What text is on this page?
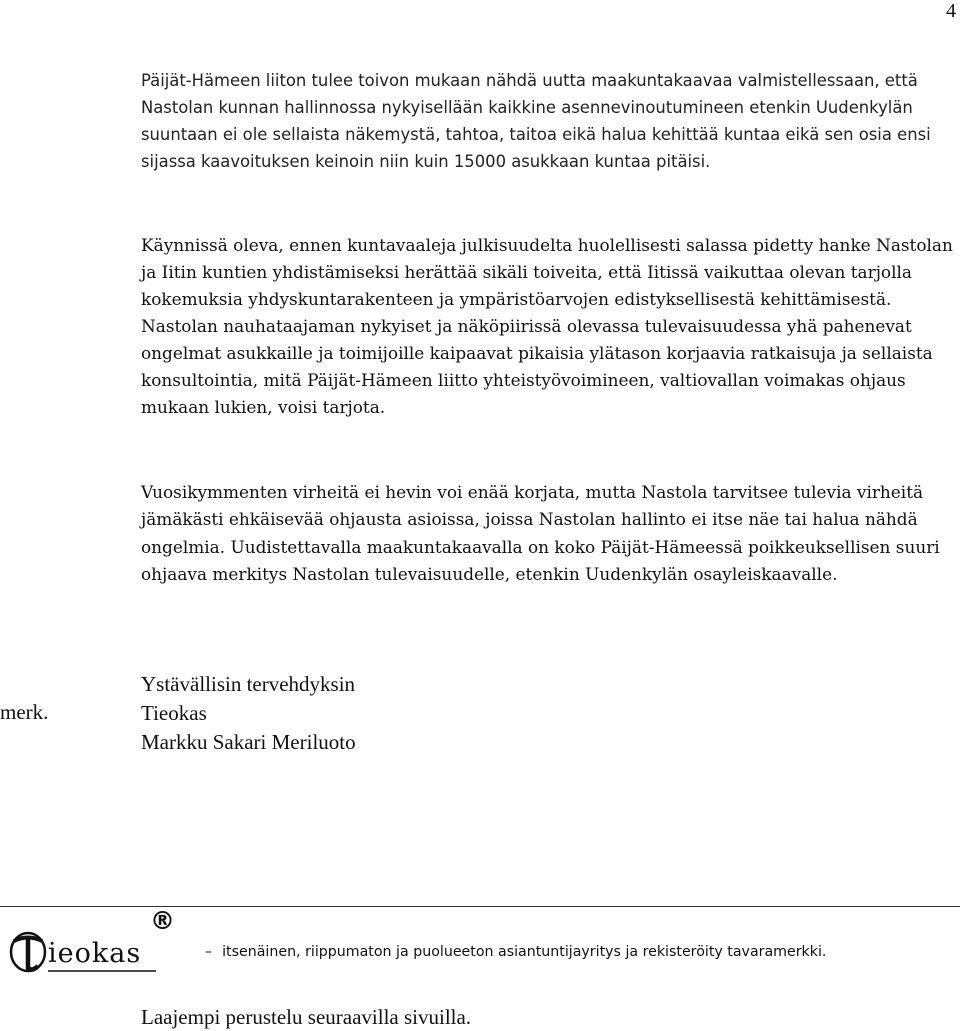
4

Päijät-Hämeen liiton tulee toivon mukaan nähdä uutta maakuntakaavaa valmistellessaan, että Nastolan kunnan hallinnossa nykyisellään kaikkine asennevinoutumineen etenkin Uudenkylän suuntaan ei ole sellaista näkemystä, tahtoa, taitoa eikä halua kehittää kuntaa eikä sen osia ensi sijassa kaavoituksen keinoin niin kuin 15000 asukkaan kuntaa pitäisi.

Käynnissä oleva, ennen kuntavaaleja julkisuudelta huolellisesti salassa pidetty hanke Nastolan ja Iitin kuntien yhdistämiseksi herättää sikäli toiveita, että Iitissä vaikuttaa olevan tarjolla kokemuksia yhdyskuntarakenteen ja ympäristöarvojen edistyksellisestä kehittämisestä. Nastolan nauhataajaman nykyiset ja näköpiirissä olevassa tulevaisuudessa yhä pahenevat ongelmat asukkaille ja toimijoille kaipaavat pikaisia ylätason korjaavia ratkaisuja ja sellaista konsultointia, mitä Päijät-Hämeen liitto yhteistyövoimineen, valtiovallan voimakas ohjaus mukaan lukien, voisi tarjota.

Vuosikymmenten virheitä ei hevin voi enää korjata, mutta Nastola tarvitsee tulevia virheitä jämäkästi ehkäisevää ohjausta asioissa, joissa Nastolan hallinto ei itse näe tai halua nähdä ongelmia. Uudistettavalla maakuntakaavalla on koko Päijät-Hämeessä poikkeuksellisen suuri ohjaava merkitys Nastolan tulevaisuudelle, etenkin Uudenkylän osayleiskaavalle.

merk.
Ystävällisin tervehdyksin
Tieokas
Markku Sakari Meriluoto
ieokas
®
– itsenäinen, riippumaton ja puolueeton asiantuntijayritys ja rekisteröity tavaramerkki.
Laajempi perustelu seuraavilla sivuilla.
